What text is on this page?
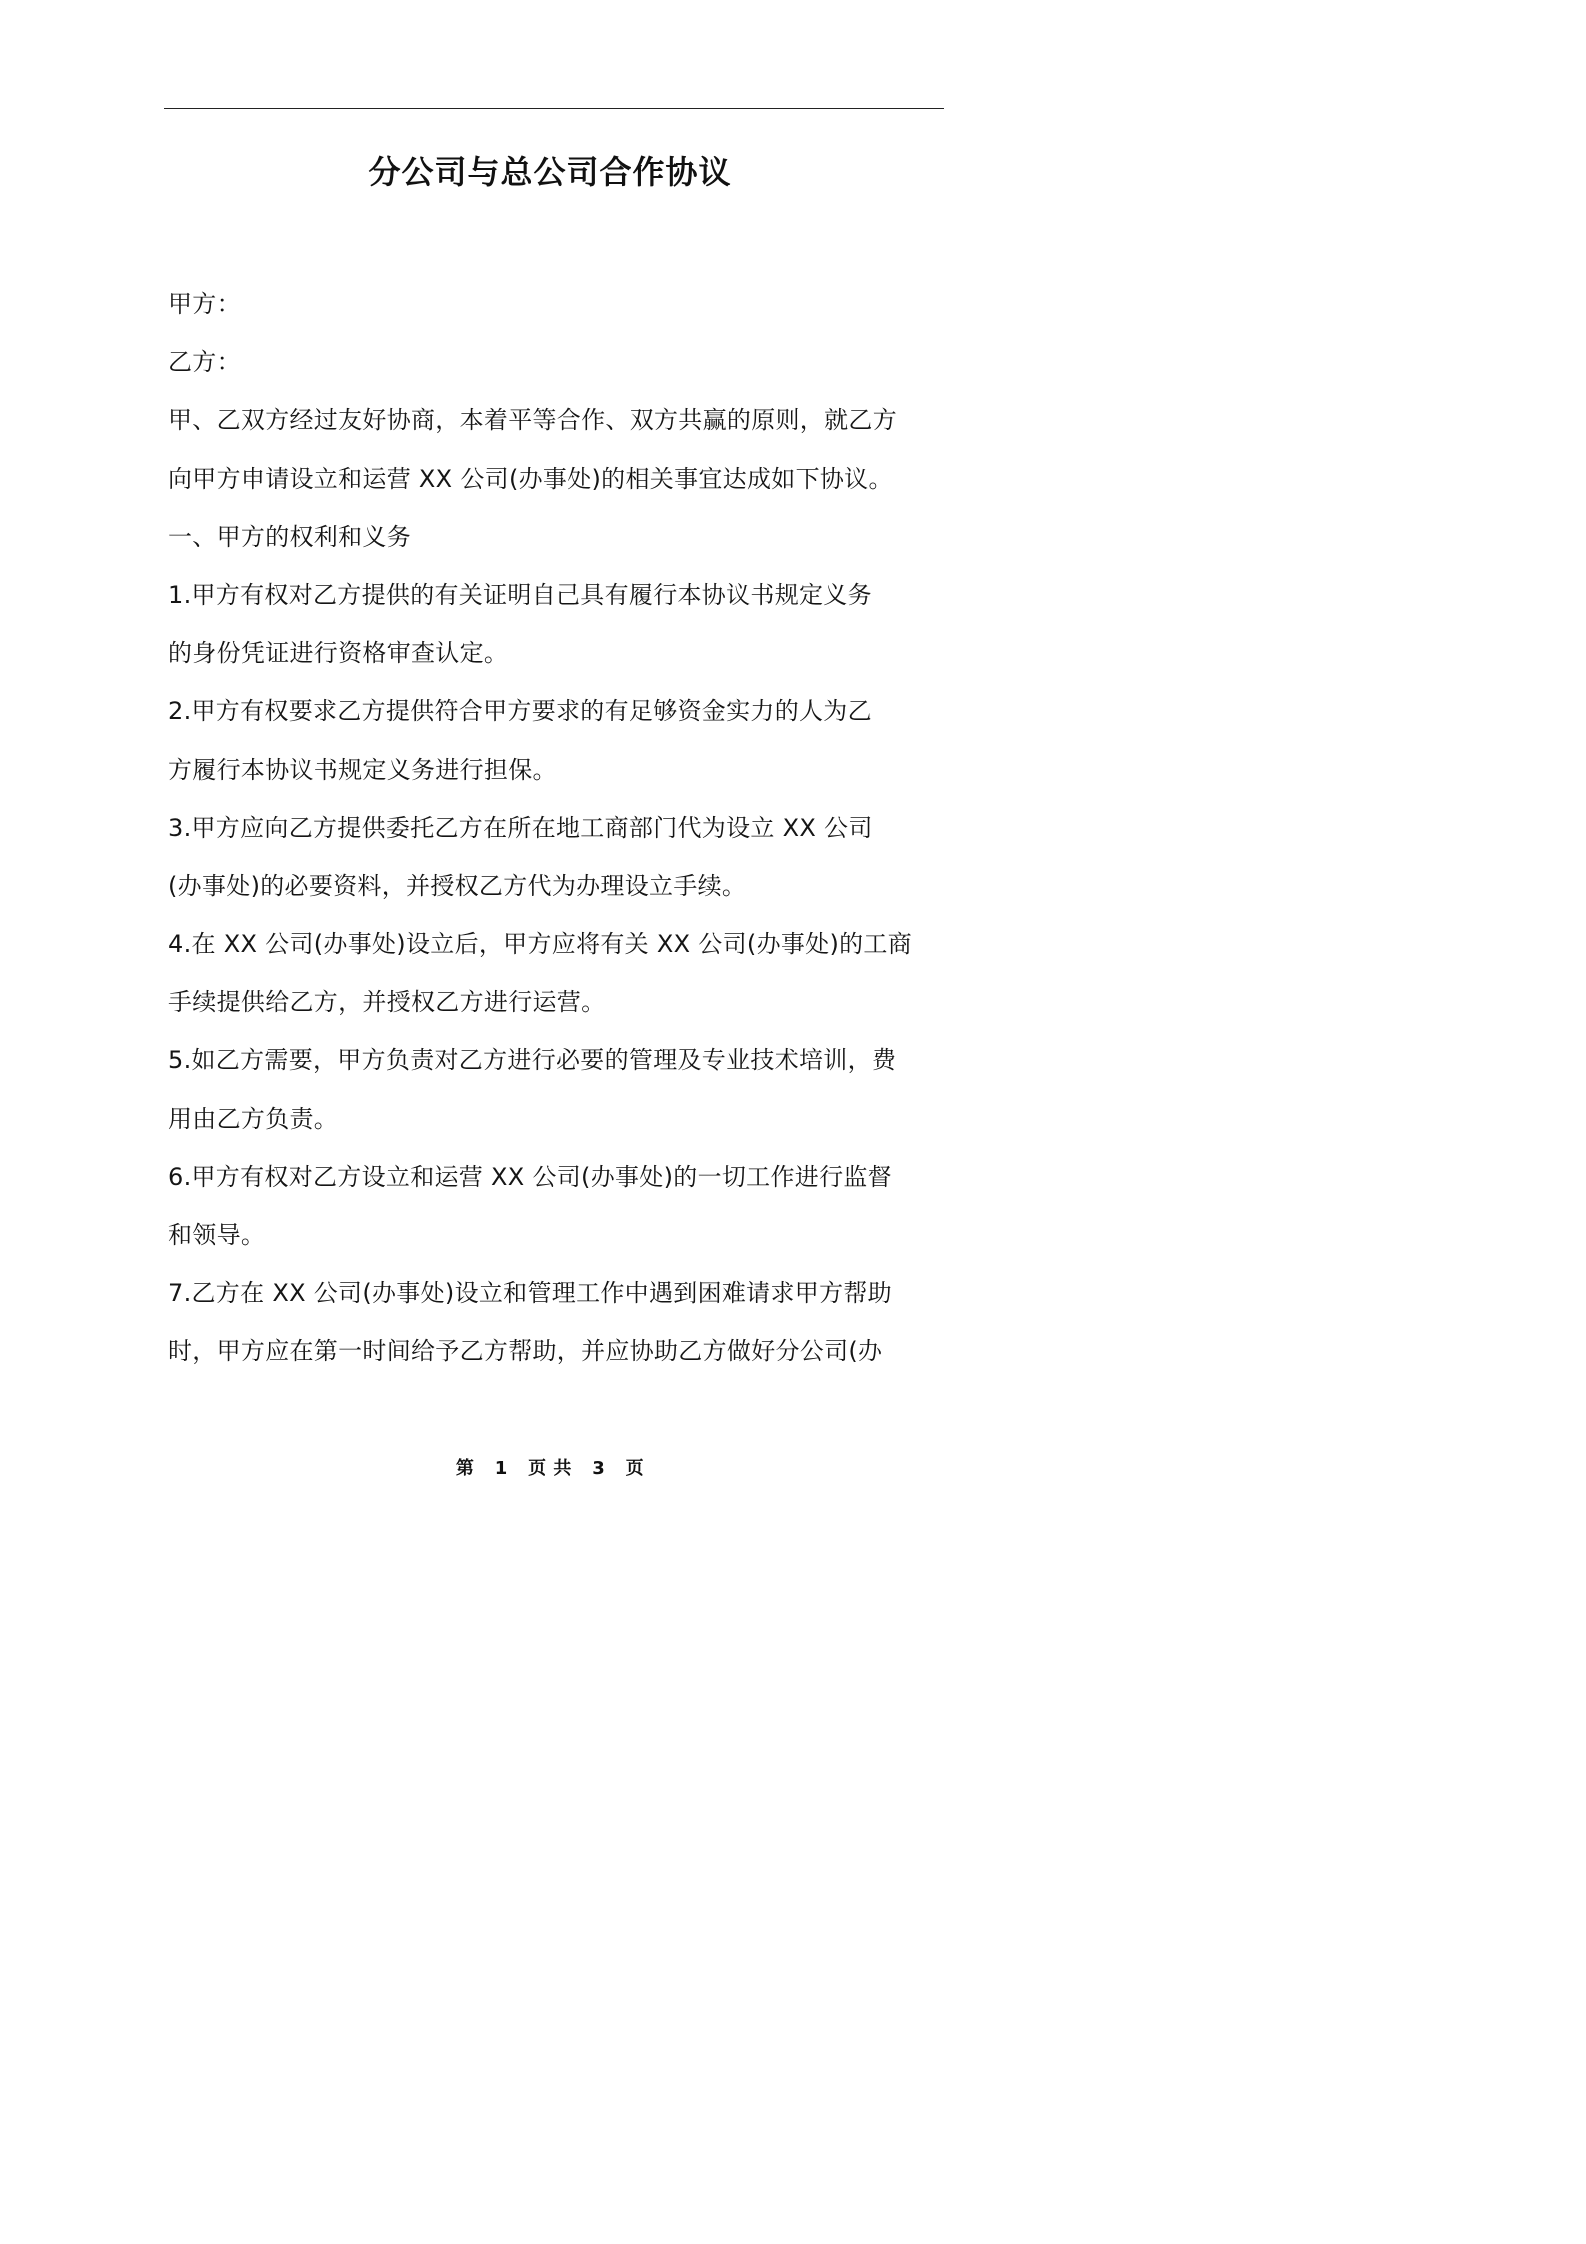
分公司与总公司合作协议
甲方：
乙方：
甲、乙双方经过友好协商，本着平等合作、双方共赢的原则，就乙方
向甲方申请设立和运营 XX 公司(办事处)的相关事宜达成如下协议。
一、甲方的权利和义务
1.甲方有权对乙方提供的有关证明自己具有履行本协议书规定义务
的身份凭证进行资格审查认定。
2.甲方有权要求乙方提供符合甲方要求的有足够资金实力的人为乙
方履行本协议书规定义务进行担保。
3.甲方应向乙方提供委托乙方在所在地工商部门代为设立 XX 公司
(办事处)的必要资料，并授权乙方代为办理设立手续。
4.在 XX 公司(办事处)设立后，甲方应将有关 XX 公司(办事处)的工商
手续提供给乙方，并授权乙方进行运营。
5.如乙方需要，甲方负责对乙方进行必要的管理及专业技术培训，费
用由乙方负责。
6.甲方有权对乙方设立和运营 XX 公司(办事处)的一切工作进行监督
和领导。
7.乙方在 XX 公司(办事处)设立和管理工作中遇到困难请求甲方帮助
时，甲方应在第一时间给予乙方帮助，并应协助乙方做好分公司(办
第 1 页 共 3 页
